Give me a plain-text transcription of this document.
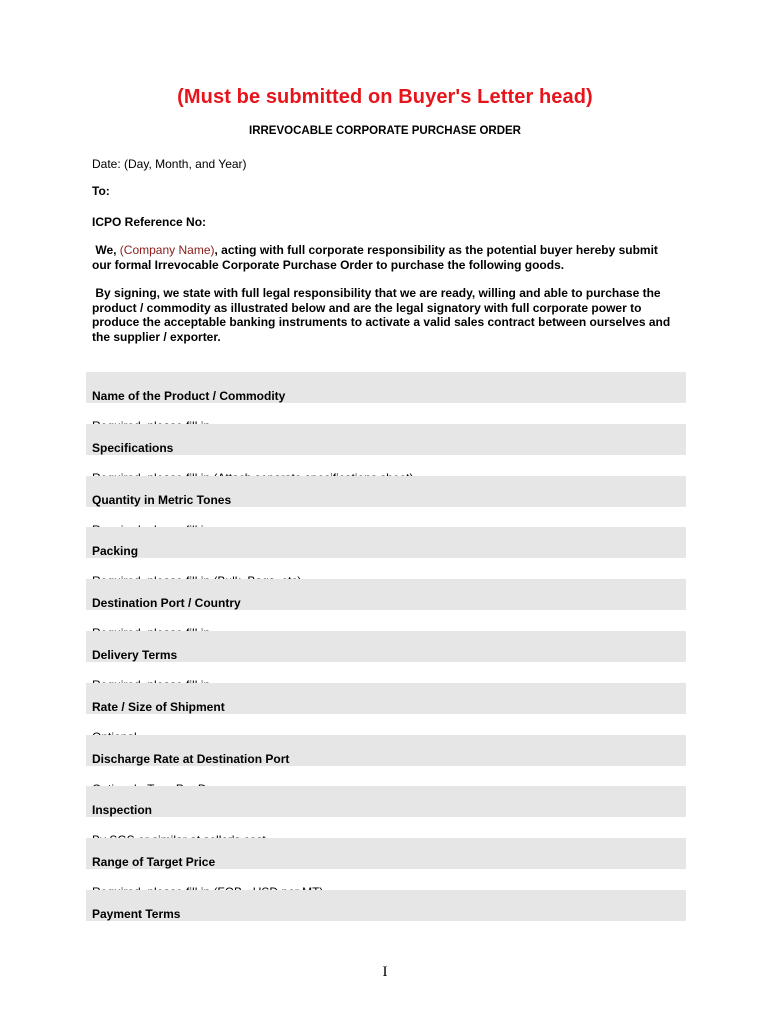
(Must be submitted on Buyer's Letter head)
IRREVOCABLE CORPORATE PURCHASE ORDER
Date: (Day, Month, and Year)
To:
ICPO Reference No:
We, (Company Name), acting with full corporate responsibility as the potential buyer hereby submit our formal Irrevocable Corporate Purchase Order to purchase the following goods.
By signing, we state with full legal responsibility that we are ready, willing and able to purchase the product / commodity as illustrated below and are the legal signatory with full corporate power to produce the acceptable banking instruments to activate a valid sales contract between ourselves and the supplier / exporter.
Name of the Product / Commodity
Specifications
Quantity in Metric Tones
Packing
Destination Port / Country
Delivery Terms
Rate / Size of Shipment
Discharge Rate at Destination Port
Inspection
Range of Target Price
Payment Terms
I
